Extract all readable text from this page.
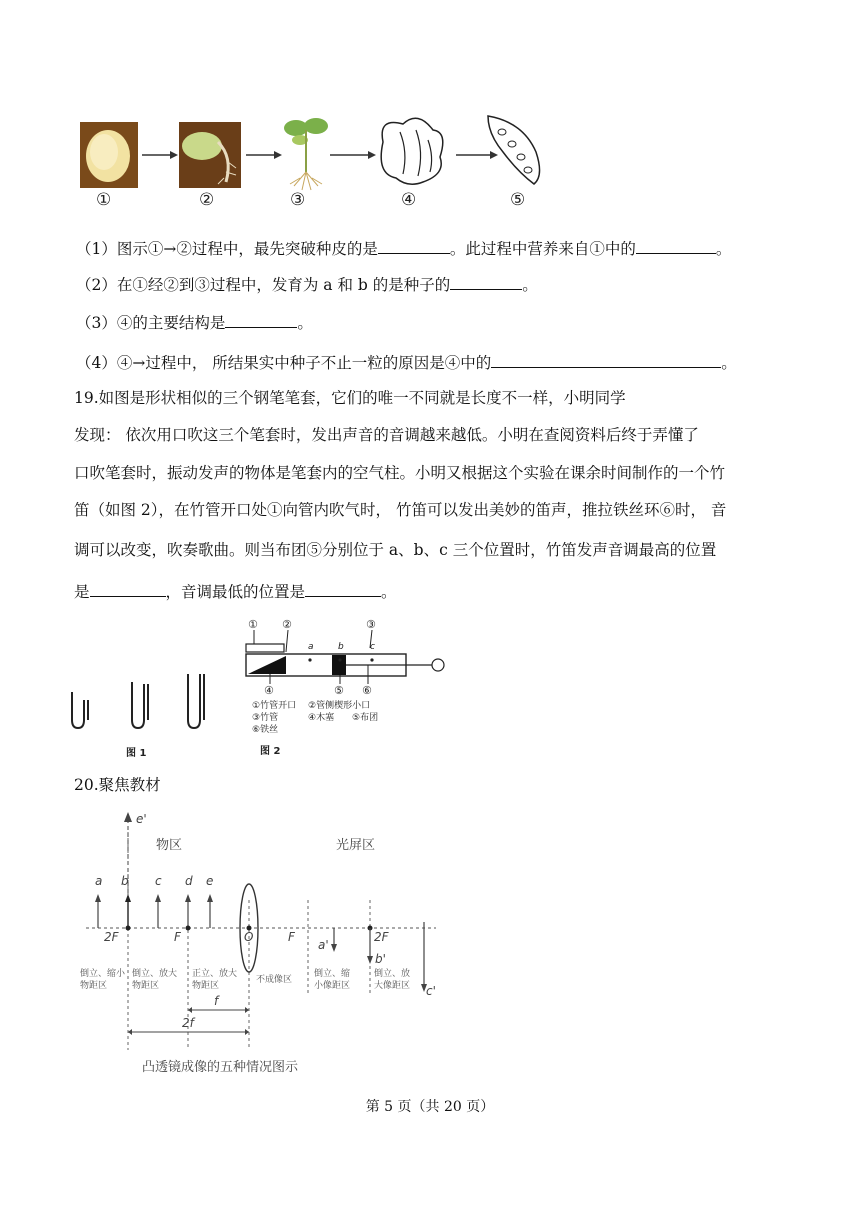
①	②	③	④	⑤
（1）图示①→②过程中，最先突破种皮的是	。此过程中营养来自①中的	。
（2）在①经②到③过程中，发育为 a 和 b 的是种子的	。
（3）④的主要结构是	。
（4）④→过程中， 所结果实中种子不止一粒的原因是④中的	。
19.如图是形状相似的三个钢笔笔套，它们的唯一不同就是长度不一样，小明同学
发现： 依次用口吹这三个笔套时，发出声音的音调越来越低。小明在查阅资料后终于弄懂了
口吹笔套时，振动发声的物体是笔套内的空气柱。小明又根据这个实验在课余时间制作的一个竹
笛（如图 2），在竹管开口处①向管内吹气时， 竹笛可以发出美妙的笛声，推拉铁丝环⑥时， 音
调可以改变，吹奏歌曲。则当布团⑤分别位于 a、b、c 三个位置时，竹笛发声音调最高的位置
是	，音调最低的位置是	。
图 1
① ②	③
a	b	c
④	⑤ ⑥
①竹管开口 ②管侧楔形小口
③竹管	④木塞 ⑤布团
⑥铁丝
图 2
20.聚焦教材
物区	光屏区
e'
a b c d e
2F	F	O	F	2F
a'
b'
c'
倒立、缩小
物距区
倒立、放大
物距区
正立、放大
物距区
不成像区
倒立、缩
小像距区
倒立、放
大像距区
f
2f
凸透镜成像的五种情况图示
第 5 页（共 20 页）
